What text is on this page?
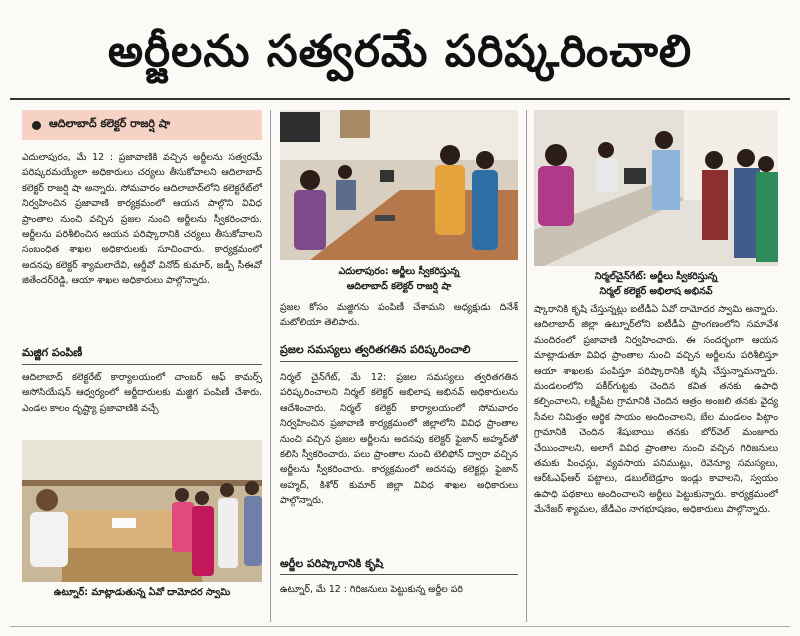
అర్జీలను సత్వరమే పరిష్కరించాలి
ఆదిలాబాద్ కలెక్టర్ రాజర్షి షా

ఎదులాపురం, మే 12 : ప్రజావాణికి వచ్చిన అర్జీలను సత్వరమే పరిష్కరమయ్యేలా అధికారులు చర్యలు తీసుకోవాలని ఆదిలాబాద్ కలెక్టర్ రాజర్షి షా అన్నారు. సోమవారం ఆదిలాబాద్‌లోని కలెక్టరేట్‌లో నిర్వహించిన ప్రజావాణి కార్యక్రమంలో ఆయన పాల్గొని వివిధ ప్రాంతాల నుంచి వచ్చిన ప్రజల నుంచి అర్జీలను స్వీకరించారు. అర్జీలను పరిశీలించిన ఆయన పరిష్కారానికి చర్యలు తీసుకోవాలని సంబంధిత శాఖల అధికారులకు సూచించారు. కార్యక్రమంలో అదనపు కలెక్టర్ శ్యామలాదేవి, ఆర్డీవో వినోద్ కుమార్, జడ్పీ సీఈవో జితేందర్‌రెడ్డి, ఆయా శాఖల అధికారులు పాల్గొన్నారు.

మజ్జిగ పంపిణీ

ఆదిలాబాద్ కలెక్టరేట్ కార్యాలయంలో చాంబర్ ఆఫ్ కామర్స్ అసోసియేషన్ ఆధ్వర్యంలో అర్జీదారులకు మజ్జిగ పంపిణీ చేశారు. ఎండల కాలం దృష్ట్యా ప్రజావాణికి వచ్చే

ఉట్నూర్: మాట్లాడుతున్న ఏవో దామోదర స్వామి
ఎదులాపురం: అర్జీలు స్వీకరిస్తున్న
ఆదిలాబాద్ కలెక్టర్ రాజర్షి షా

ప్రజల కోసం మజ్జిగను పంపిణీ చేశామని అధ్యక్షుడు దినేశ్ మటోలియా తెలిపారు.

ప్రజల సమస్యలు త్వరితగతిన పరిష్కరించాలి

నిర్మల్ చైన్‌గేట్, మే 12: ప్రజల సమస్యలు త్వరితగతిన పరిష్కరించాలని నిర్మల్ కలెక్టర్ అభిలాష అభినవ్ అధికారులను ఆదేశించారు. నిర్మల్ కలెక్టర్ కార్యాలయంలో సోమవారం నిర్వహించిన ప్రజావాణి కార్యక్రమంలో జిల్లాలోని వివిధ ప్రాంతాల నుంచి వచ్చిన ప్రజల అర్జీలను అదనపు కలెక్టర్ ఫైజాన్ అహ్మద్‌తో కలిసి స్వీకరించారు. పలు ప్రాంతాల నుంచి టెలిఫోన్ ద్వారా వచ్చిన అర్జీలను స్వీకరించారు. కార్యక్రమంలో అదనపు కలెక్టర్లు ఫైజాన్ అహ్మద్, కిశోర్ కుమార్ జిల్లా వివిధ శాఖల అధికారులు పాల్గొన్నారు.

అర్జీల పరిష్కారానికి కృషి

ఉట్నూర్, మే 12 : గిరిజనులు పెట్టుకున్న అర్జీల పరి

నిర్మల్‌చైన్‌గేట్: అర్జీలు స్వీకరిస్తున్న
నిర్మల్ కలెక్టర్ అభిలాష అభినవ్

ష్కారానికి కృషి చేస్తున్నట్లు ఐటీడీఏ ఏవో దామోదర స్వామి అన్నారు. ఆదిలాబాద్ జిల్లా ఉట్నూర్‌లోని ఐటీడీఏ ప్రాంగణంలోని సమావేశ మందిరంలో ప్రజావాణి నిర్వహించారు. ఈ సందర్భంగా ఆయన మాట్లాడుతూ వివిధ ప్రాంతాల నుంచి వచ్చిన అర్జీలను పరిశీలిస్తూ ఆయా శాఖలకు పంపిస్తూ పరిష్కారానికి కృషి చేస్తున్నామన్నారు. మండలంలోని పకీర్‌గుట్టకు చెందిన కవిత తనకు ఉపాధి కల్పించాలని, లక్ష్మీపేట గ్రామానికి చెందిన ఆత్రం అంజలి తనకు వైద్య సేవల నిమిత్తం ఆర్థిక సాయం అందించాలని, బేల మండలం పిట్గాం గ్రామానికి చెందిన శేషుబాయి తనకు బోర్‌వెల్ మంజూరు చేయించాలని, అలాగే వివిధ ప్రాంతాల నుంచి వచ్చిన గిరిజనులు తమకు పింఛన్లు, వ్యవసాయ పనిముట్లు, రెవెన్యూ సమస్యలు, ఆర్‌ఓఎఫ్‌ఆర్ పట్టాలు, డబుల్‌బెడ్రూం ఇండ్లు కావాలని, స్వయం ఉపాధి పథకాలు అందించాలని అర్జీలు పెట్టుకున్నారు. కార్యక్రమంలో మేనేజర్ శ్యామల, జేడీఎం నాగభూషణం, అధికారులు పాల్గొన్నారు.
